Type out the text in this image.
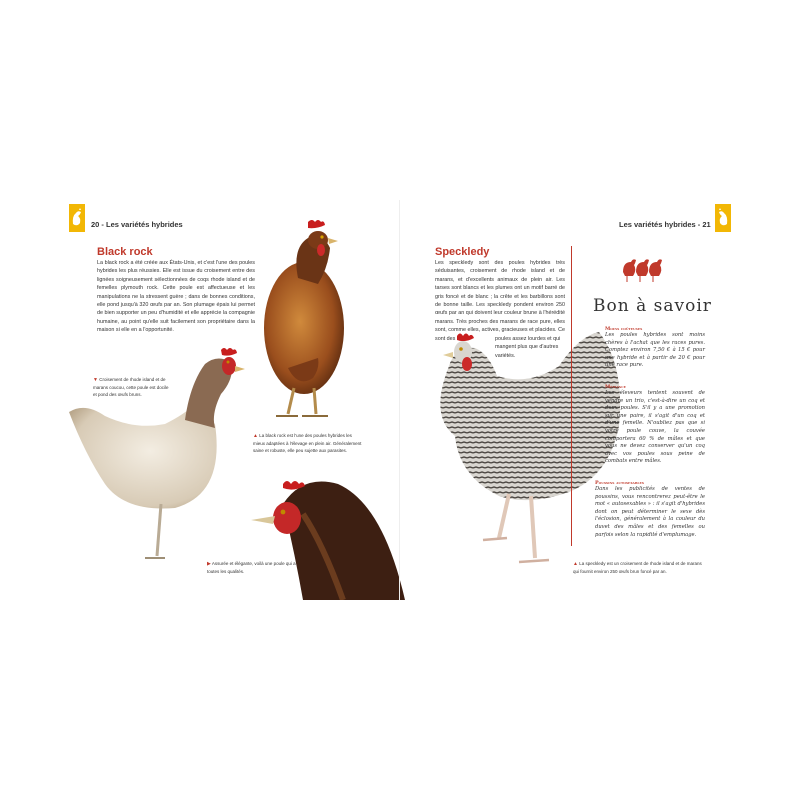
20 - Les variétés hybrides
Black rock
La black rock a été créée aux États-Unis, et c'est l'une des poules hybrides les plus réussies. Elle est issue du croisement entre des lignées soigneusement sélectionnées de coqs rhode island et de femelles plymouth rock. Cette poule est affectueuse et les manipulations ne la stressent guère ; dans de bonnes conditions, elle pond jusqu'à 320 œufs par an. Son plumage épais lui permet de bien supporter un peu d'humidité et elle apprécie la compagnie humaine, au point qu'elle suit facilement son propriétaire dans la maison si elle en a l'opportunité.
▼ Croisement de rhode island et de marans coucou, cette poule est docile et pond des œufs bruns.
▲ La black rock est l'une des poules hybrides les mieux adaptées à l'élevage en plein air. Généralement saine et robuste, elle peu sujette aux parasites.
▶ Assurée et élégante, voilà une poule qui a toutes les qualités.
Les variétés hybrides - 21
Speckledy
Les speckledy sont des poules hybrides très séduisantes, croisement de rhode island et de marans, et d'excellents animaux de plein air. Les tarses sont blancs et les plumes ont un motif barré de gris foncé et de blanc ; la crête et les barbillons sont de bonne taille. Les speckledy pondent environ 250 œufs par an qui doivent leur couleur brune à l'hérédité marans. Très proches des marans de race pure, elles sont, comme elles, actives, gracieuses et placides. Ce sont des	poules assez lourdes et qui mangent plus que d'autres variétés.
Bon à savoir
Moins coûteuses
Les poules hybrides sont moins chères à l'achat que les races pures. Comptez environ 7,50 € à 15 € pour une hybride et à partir de 20 € pour une race pure.
Méfiance
Les éleveurs tentent souvent de vendre un trio, c'est-à-dire un coq et deux poules. S'il y a une promotion sur une paire, il s'agit d'un coq et d'une femelle. N'oubliez pas que si votre poule couve, la couvée comportera 60 % de mâles et que vous ne devez conserver qu'un coq avec vos poules sous peine de combats entre mâles.
Poussins autosexables
Dans les publicités de ventes de poussins, vous rencontrerez peut-être le mot « autosexables » : il s'agit d'hybrides dont on peut déterminer le sexe dès l'éclosion, généralement à la couleur du duvet des mâles et des femelles ou parfois selon la rapidité d'emplumage.
▲ La speckledy est un croisement de rhode island et de marans qui fournit environ 250 œufs brun foncé par an.
